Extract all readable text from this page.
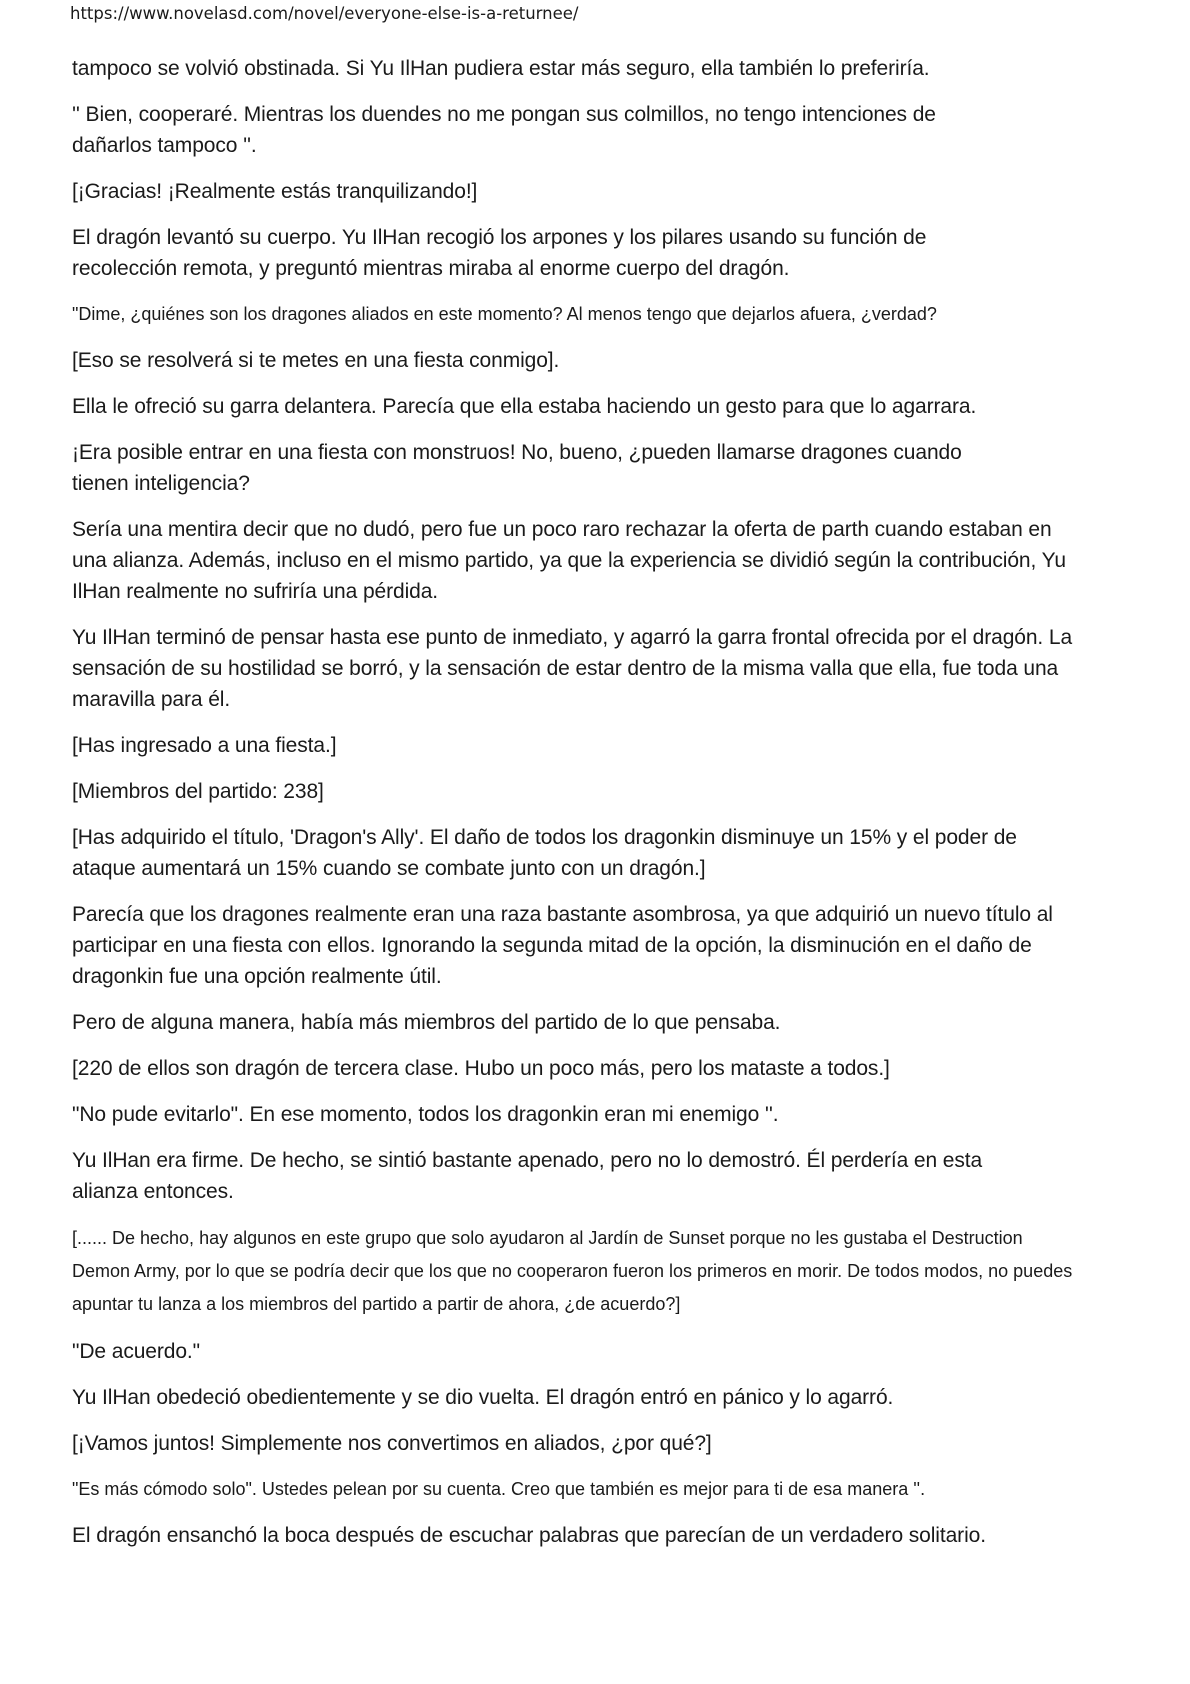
https://www.novelasd.com/novel/everyone-else-is-a-returnee/

tampoco se volvió obstinada. Si Yu IlHan pudiera estar más seguro, ella también lo preferiría.

'' Bien, cooperaré. Mientras los duendes no me pongan sus colmillos, no tengo intenciones de dañarlos tampoco ''.

[¡Gracias! ¡Realmente estás tranquilizando!]

El dragón levantó su cuerpo. Yu IlHan recogió los arpones y los pilares usando su función de recolección remota, y preguntó mientras miraba al enorme cuerpo del dragón.

"Dime, ¿quiénes son los dragones aliados en este momento? Al menos tengo que dejarlos afuera, ¿verdad?

[Eso se resolverá si te metes en una fiesta conmigo].

Ella le ofreció su garra delantera. Parecía que ella estaba haciendo un gesto para que lo agarrara.

¡Era posible entrar en una fiesta con monstruos! No, bueno, ¿pueden llamarse dragones cuando tienen inteligencia?

Sería una mentira decir que no dudó, pero fue un poco raro rechazar la oferta de parth cuando estaban en una alianza. Además, incluso en el mismo partido, ya que la experiencia se dividió según la contribución, Yu IlHan realmente no sufriría una pérdida.

Yu IlHan terminó de pensar hasta ese punto de inmediato, y agarró la garra frontal ofrecida por el dragón. La sensación de su hostilidad se borró, y la sensación de estar dentro de la misma valla que ella, fue toda una maravilla para él.

[Has ingresado a una fiesta.]

[Miembros del partido: 238]

[Has adquirido el título, 'Dragon's Ally'. El daño de todos los dragonkin disminuye un 15% y el poder de ataque aumentará un 15% cuando se combate junto con un dragón.]

Parecía que los dragones realmente eran una raza bastante asombrosa, ya que adquirió un nuevo título al participar en una fiesta con ellos. Ignorando la segunda mitad de la opción, la disminución en el daño de dragonkin fue una opción realmente útil.

Pero de alguna manera, había más miembros del partido de lo que pensaba.

[220 de ellos son dragón de tercera clase. Hubo un poco más, pero los mataste a todos.]

"No pude evitarlo". En ese momento, todos los dragonkin eran mi enemigo ''.

Yu IlHan era firme. De hecho, se sintió bastante apenado, pero no lo demostró. Él perdería en esta alianza entonces.

[...... De hecho, hay algunos en este grupo que solo ayudaron al Jardín de Sunset porque no les gustaba el Destruction Demon Army, por lo que se podría decir que los que no cooperaron fueron los primeros en morir. De todos modos, no puedes apuntar tu lanza a los miembros del partido a partir de ahora, ¿de acuerdo?]

"De acuerdo."

Yu IlHan obedeció obedientemente y se dio vuelta. El dragón entró en pánico y lo agarró.

[¡Vamos juntos! Simplemente nos convertimos en aliados, ¿por qué?]

"Es más cómodo solo". Ustedes pelean por su cuenta. Creo que también es mejor para ti de esa manera ''.

El dragón ensanchó la boca después de escuchar palabras que parecían de un verdadero solitario.
